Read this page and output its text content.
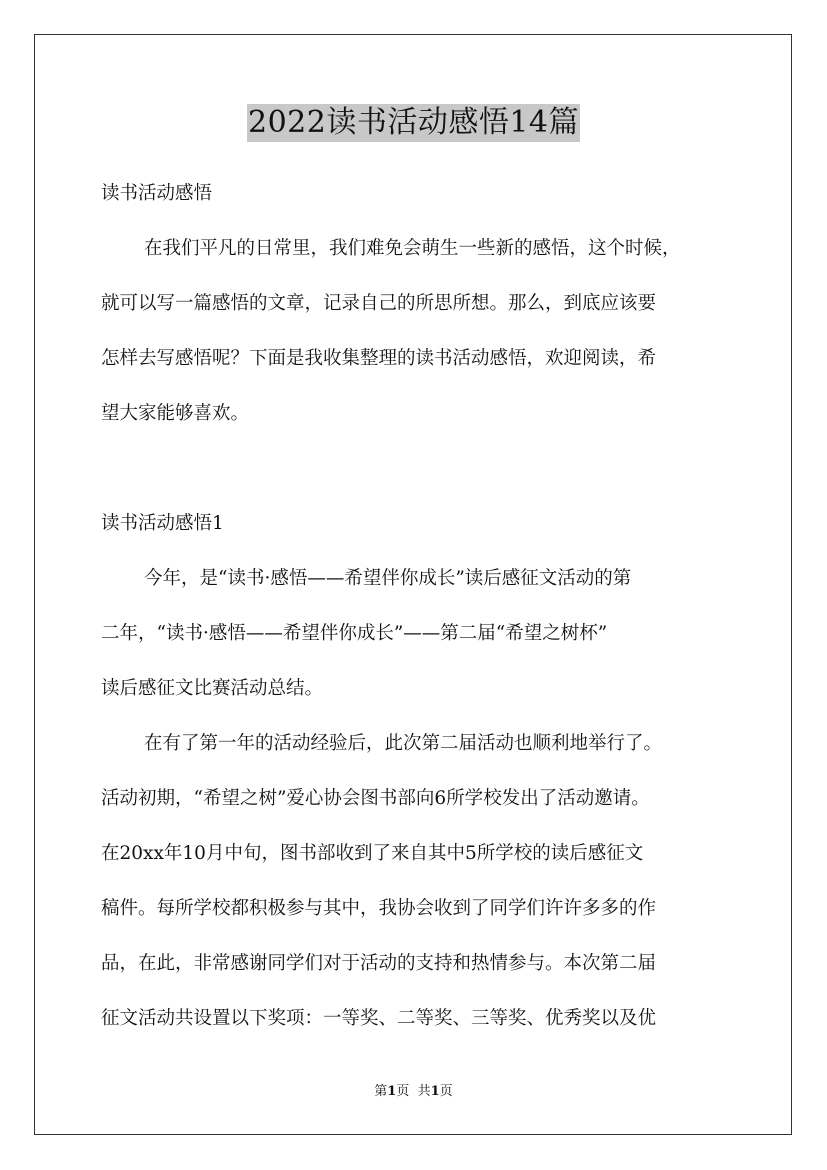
2022读书活动感悟14篇
读书活动感悟
在我们平凡的日常里，我们难免会萌生一些新的感悟，这个时候，
就可以写一篇感悟的文章，记录自己的所思所想。那么，到底应该要
怎样去写感悟呢？下面是我收集整理的读书活动感悟，欢迎阅读，希
望大家能够喜欢。
读书活动感悟1
今年，是“读书·感悟——希望伴你成长”读后感征文活动的第
二年，“读书·感悟——希望伴你成长”——第二届“希望之树杯”
读后感征文比赛活动总结。
在有了第一年的活动经验后，此次第二届活动也顺利地举行了。
活动初期，“希望之树”爱心协会图书部向6所学校发出了活动邀请。
在20xx年10月中旬，图书部收到了来自其中5所学校的读后感征文
稿件。每所学校都积极参与其中，我协会收到了同学们许许多多的作
品，在此，非常感谢同学们对于活动的支持和热情参与。本次第二届
征文活动共设置以下奖项：一等奖、二等奖、三等奖、优秀奖以及优
第1页 共1页
